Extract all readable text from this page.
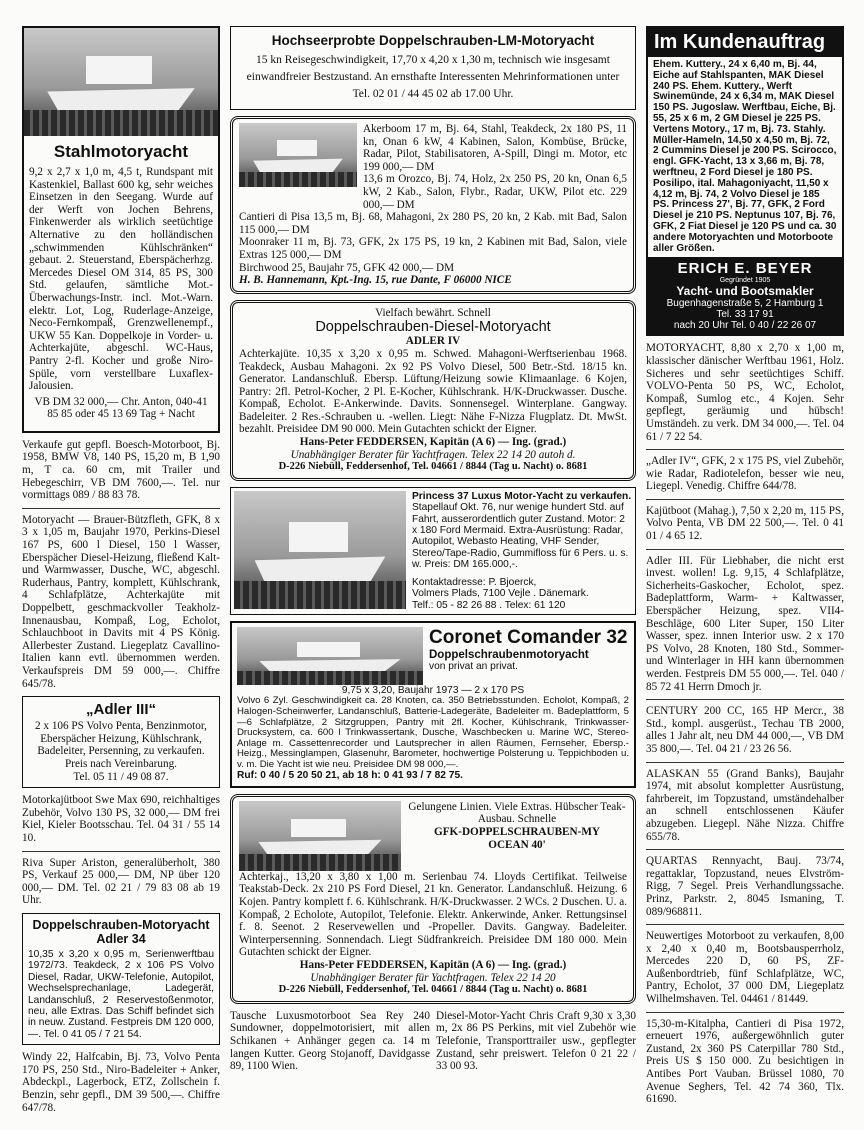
Stahlmotoryacht
9,2 x 2,7 x 1,0 m, 4,5 t, Rundspant mit Kastenkiel, Ballast 600 kg, sehr weiches Einsetzen in den Seegang. Wurde auf der Werft von Jochen Behrens, Finkenwerder als wirklich seetüchtige Alternative zu den holländischen „schwimmenden Kühlschränken“ gebaut. 2. Steuerstand, Eberspächerhzg. Mercedes Diesel OM 314, 85 PS, 300 Std. gelaufen, sämtliche Mot.-Überwachungs-Instr. incl. Mot.-Warn. elektr. Lot, Log, Ruderlage-Anzeige, Neco-Fernkompaß, Grenzwellenempf., UKW 55 Kan. Doppelkoje in Vorder- u. Achterkajüte, abgeschl. WC-Haus, Pantry 2-fl. Kocher und große Niro-Spüle, vorn verstellbare Luxaflex-Jalousien.
VB DM 32 000,— Chr. Anton, 040-41 85 85 oder 45 13 69 Tag + Nacht
Verkaufe gut gepfl. Boesch-Motorboot, Bj. 1958, BMW V8, 140 PS, 15,20 m, B 1,90 m, T ca. 60 cm, mit Trailer und Hebegeschirr, VB DM 7600,—. Tel. nur vormittags 089 / 88 83 78.
Motoryacht — Brauer-Bützfleth, GFK, 8 x 3 x 1,05 m, Baujahr 1970, Perkins-Diesel 167 PS, 600 l Diesel, 150 l Wasser, Eberspächer Diesel-Heizung, fließend Kalt- und Warmwasser, Dusche, WC, abgeschl. Ruderhaus, Pantry, komplett, Kühlschrank, 4 Schlafplätze, Achterkajüte mit Doppelbett, geschmackvoller Teakholz-Innenausbau, Kompaß, Log, Echolot, Schlauchboot in Davits mit 4 PS König. Allerbester Zustand. Liegeplatz Cavallino-Italien kann evtl. übernommen werden. Verkaufspreis DM 59 000,—. Chiffre 645/78.
„Adler III“
2 x 106 PS Volvo Penta, Benzinmotor, Eberspächer Heizung, Kühlschrank, Badeleiter, Persenning, zu verkaufen. Preis nach Vereinbarung.
Tel. 05 11 / 49 08 87.
Motorkajütboot Swe Max 690, reichhaltiges Zubehör, Volvo 130 PS, 32 000,— DM frei Kiel, Kieler Bootsschau. Tel. 04 31 / 55 14 10.
Riva Super Ariston, generalüberholt, 380 PS, Verkauf 25 000,— DM, NP über 120 000,— DM. Tel. 02 21 / 79 83 08 ab 19 Uhr.
Doppelschrauben-Motoryacht
Adler 34
10,35 x 3,20 x 0,95 m, Serienwerftbau 1972/73. Teakdeck, 2 x 106 PS Volvo Diesel, Radar, UKW-Telefonie, Autopilot, Wechselsprechanlage, Ladegerät, Landanschluß, 2 Reservestoßenmotor, neu, alle Extras. Das Schiff befindet sich in neuw. Zustand. Festpreis DM 120 000,—. Tel. 0 41 05 / 7 21 54.
Windy 22, Halfcabin, Bj. 73, Volvo Penta 170 PS, 250 Std., Niro-Badeleiter + Anker, Abdeckpl., Lagerbock, ETZ, Zollschein f. Benzin, sehr gepfl., DM 39 500,—. Chiffre 647/78.
Hochseerprobte Doppelschrauben-LM-Motoryacht
15 kn Reisegeschwindigkeit, 17,70 x 4,20 x 1,30 m, technisch wie insgesamt einwandfreier Bestzustand. An ernsthafte Interessenten Mehrinformationen unter Tel. 02 01 / 44 45 02 ab 17.00 Uhr.
Akerboom 17 m, Bj. 64, Stahl, Teakdeck, 2x 180 PS, 11 kn, Onan 6 kW, 4 Kabinen, Salon, Kombüse, Brücke, Radar, Pilot, Stabilisatoren, A-Spill, Dingi m. Motor, etc 199 000,— DM
13,6 m Orozco, Bj. 74, Holz, 2x 250 PS, 20 kn, Onan 6,5 kW, 2 Kab., Salon, Flybr., Radar, UKW, Pilot etc. 229 000,— DM
Cantieri di Pisa 13,5 m, Bj. 68, Mahagoni, 2x 280 PS, 20 kn, 2 Kab. mit Bad, Salon 115 000,— DM
Moonraker 11 m, Bj. 73, GFK, 2x 175 PS, 19 kn, 2 Kabinen mit Bad, Salon, viele Extras 125 000,— DM
Birchwood 25, Baujahr 75, GFK 42 000,— DM
H. B. Hannemann, Kpt.-Ing. 15, rue Dante, F 06000 NICE
Vielfach bewährt. Schnell
Doppelschrauben-Diesel-Motoryacht
ADLER IV
Achterkajüte. 10,35 x 3,20 x 0,95 m. Schwed. Mahagoni-Werftserienbau 1968. Teakdeck, Ausbau Mahagoni. 2x 92 PS Volvo Diesel, 500 Betr.-Std. 18/15 kn. Generator. Landanschluß. Ebersp. Lüftung/Heizung sowie Klimaanlage. 6 Kojen, Pantry: 2fl. Petrol-Kocher, 2 Pl. E-Kocher, Kühlschrank. H/K-Druckwasser. Dusche. Kompaß, Echolot. E-Ankerwinde. Davits. Sonnensegel. Winterplane. Gangway. Badeleiter. 2 Res.-Schrauben u. -wellen. Liegt: Nähe F-Nizza Flugplatz. Dt. MwSt. bezahlt. Preisidee DM 90 000. Mein Gutachten schickt der Eigner.
Hans-Peter FEDDERSEN, Kapitän (A 6) — Ing. (grad.)
Unabhängiger Berater für Yachtfragen. Telex 22 14 20 autoh d.
D-226 Niebüll, Feddersenhof, Tel. 04661 / 8844 (Tag u. Nacht) o. 8681
Princess 37 Luxus Motor-Yacht zu verkaufen.
Stapellauf Okt. 76, nur wenige hundert Std. auf Fahrt, ausserordentlich guter Zustand. Motor: 2 x 180 Ford Mermaid. Extra-Ausrüstung: Radar, Autopilot, Webasto Heating, VHF Sender, Stereo/Tape-Radio, Gummifloss für 6 Pers. u. s. w. Preis: DM 165.000,-.
Kontaktadresse: P. Bjoerck,
Volmers Plads, 7100 Vejle . Dänemark.
Telf.: 05 - 82 26 88 . Telex: 61 120
Coronet Comander 32
Doppelschraubenmotoryacht
von privat an privat.
9,75 x 3,20, Baujahr 1973 — 2 x 170 PS
Volvo 6 Zyl. Geschwindigkeit ca. 28 Knoten, ca. 350 Betriebsstunden. Echolot, Kompaß, 2 Halogen-Scheinwerfer, Landanschluß, Batterie-Ladegeräte, Badeleiter m. Badeplattform, 5—6 Schlafplätze, 2 Sitzgruppen, Pantry mit 2fl. Kocher, Kühlschrank, Trinkwasser-Drucksystem, ca. 600 l Trinkwassertank, Dusche, Waschbecken u. Marine WC, Stereo-Anlage m. Cassettenrecorder und Lautsprecher in allen Räumen, Fernseher, Ebersp.-Heizg., Messinglampen, Glasenuhr, Barometer, hochwertige Polsterung u. Teppichboden u. v. m. Die Yacht ist wie neu. Preisidee DM 98 000,—.
Ruf: 0 40 / 5 20 50 21, ab 18 h: 0 41 93 / 7 82 75.
Gelungene Linien. Viele Extras. Hübscher Teak-Ausbau. Schnelle
GFK-DOPPELSCHRAUBEN-MY
OCEAN 40'
Achterkaj., 13,20 x 3,80 x 1,00 m. Serienbau 74. Lloyds Certifikat. Teilweise Teakstab-Deck. 2x 210 PS Ford Diesel, 21 kn. Generator. Landanschluß. Heizung. 6 Kojen. Pantry komplett f. 6. Kühlschrank. H/K-Druckwasser. 2 WCs. 2 Duschen. U. a. Kompaß, 2 Echolote, Autopilot, Telefonie. Elektr. Ankerwinde, Anker. Rettungsinsel f. 8. Seenot. 2 Reservewellen und -Propeller. Davits. Gangway. Badeleiter. Winterpersenning. Sonnendach. Liegt Südfrankreich. Preisidee DM 180 000. Mein Gutachten schickt der Eigner.
Hans-Peter FEDDERSEN, Kapitän (A 6) — Ing. (grad.)
Unabhängiger Berater für Yachtfragen. Telex 22 14 20
D-226 Niebüll, Feddersenhof, Tel. 04661 / 8844 (Tag u. Nacht) o. 8681
Tausche Luxusmotorboot Sea Rey 240 Sundowner, doppelmotorisiert, mit allen Schikanen + Anhänger gegen ca. 14 m langen Kutter. Georg Stojanoff, Davidgasse 89, 1100 Wien.
Diesel-Motor-Yacht Chris Craft 9,30 x 3,30 m, 2x 86 PS Perkins, mit viel Zubehör wie Telefonie, Transporttrailer usw., gepflegter Zustand, sehr preiswert. Telefon 0 21 22 / 33 00 93.
Im Kundenauftrag
Ehem. Kuttery., 24 x 6,40 m, Bj. 44, Eiche auf Stahlspanten, MAK Diesel 240 PS. Ehem. Kuttery., Werft Swinemünde, 24 x 6,34 m, MAK Diesel 150 PS. Jugoslaw. Werftbau, Eiche, Bj. 55, 25 x 6 m, 2 GM Diesel je 225 PS. Vertens Motory., 17 m, Bj. 73. Stahly. Müller-Hameln, 14,50 x 4,50 m, Bj. 72, 2 Cummins Diesel je 200 PS. Scirocco, engl. GFK-Yacht, 13 x 3,66 m, Bj. 78, werftneu, 2 Ford Diesel je 180 PS. Posilipo, ital. Mahagoniyacht, 11,50 x 4,12 m, Bj. 74, 2 Volvo Diesel je 185 PS. Princess 27', Bj. 77, GFK, 2 Ford Diesel je 210 PS. Neptunus 107, Bj. 76, GFK, 2 Fiat Diesel je 120 PS und ca. 30 andere Motoryachten und Motorboote aller Größen.
ERICH E. BEYER
Gegründet 1905
Yacht- und Bootsmakler
Bugenhagenstraße 5, 2 Hamburg 1
Tel. 33 17 91
nach 20 Uhr Tel. 0 40 / 22 26 07
MOTORYACHT, 8,80 x 2,70 x 1,00 m, klassischer dänischer Werftbau 1961, Holz. Sicheres und sehr seetüchtiges Schiff. VOLVO-Penta 50 PS, WC, Echolot, Kompaß, Sumlog etc., 4 Kojen. Sehr gepflegt, geräumig und hübsch! Umständeh. zu verk. DM 34 000,—. Tel. 04 61 / 7 22 54.
„Adler IV“, GFK, 2 x 175 PS, viel Zubehör, wie Radar, Radiotelefon, besser wie neu, Liegepl. Venedig. Chiffre 644/78.
Kajütboot (Mahag.), 7,50 x 2,20 m, 115 PS, Volvo Penta, VB DM 22 500,—. Tel. 0 41 01 / 4 65 12.
Adler III. Für Liebhaber, die nicht erst invest. wollen! Lg. 9,15, 4 Schlafplätze, Sicherheits-Gaskocher, Echolot, spez. Badeplattform, Warm- + Kaltwasser, Eberspächer Heizung, spez. VII4-Beschläge, 600 Liter Super, 150 Liter Wasser, spez. innen Interior usw. 2 x 170 PS Volvo, 28 Knoten, 180 Std., Sommer- und Winterlager in HH kann übernommen werden. Festpreis DM 55 000,—. Tel. 040 / 85 72 41 Herrn Dmoch jr.
CENTURY 200 CC, 165 HP Mercr., 38 Std., kompl. ausgerüst., Techau TB 2000, alles 1 Jahr alt, neu DM 44 000,—, VB DM 35 800,—. Tel. 04 21 / 23 26 56.
ALASKAN 55 (Grand Banks), Baujahr 1974, mit absolut kompletter Ausrüstung, fahrbereit, im Topzustand, umständehalber an schnell entschlossenen Käufer abzugeben. Liegepl. Nähe Nizza. Chiffre 655/78.
QUARTAS Rennyacht, Bauj. 73/74, regattaklar, Topzustand, neues Elvström-Rigg, 7 Segel. Preis Verhandlungssache. Prinz, Parkstr. 2, 8045 Ismaning, T. 089/968811.
Neuwertiges Motorboot zu verkaufen, 8,00 x 2,40 x 0,40 m, Bootsbausperrholz, Mercedes 220 D, 60 PS, ZF-Außenbordtrieb, fünf Schlafplätze, WC, Pantry, Echolot, 37 000 DM, Liegeplatz Wilhelmshaven. Tel. 04461 / 81449.
15,30-m-Kitalpha, Cantieri di Pisa 1972, erneuert 1976, außergewöhnlich guter Zustand, 2x 360 PS Caterpillar 780 Std., Preis US $ 150 000. Zu besichtigen in Antibes Port Vauban. Brüssel 1080, 70 Avenue Seghers, Tel. 42 74 360, Tlx. 61690.
